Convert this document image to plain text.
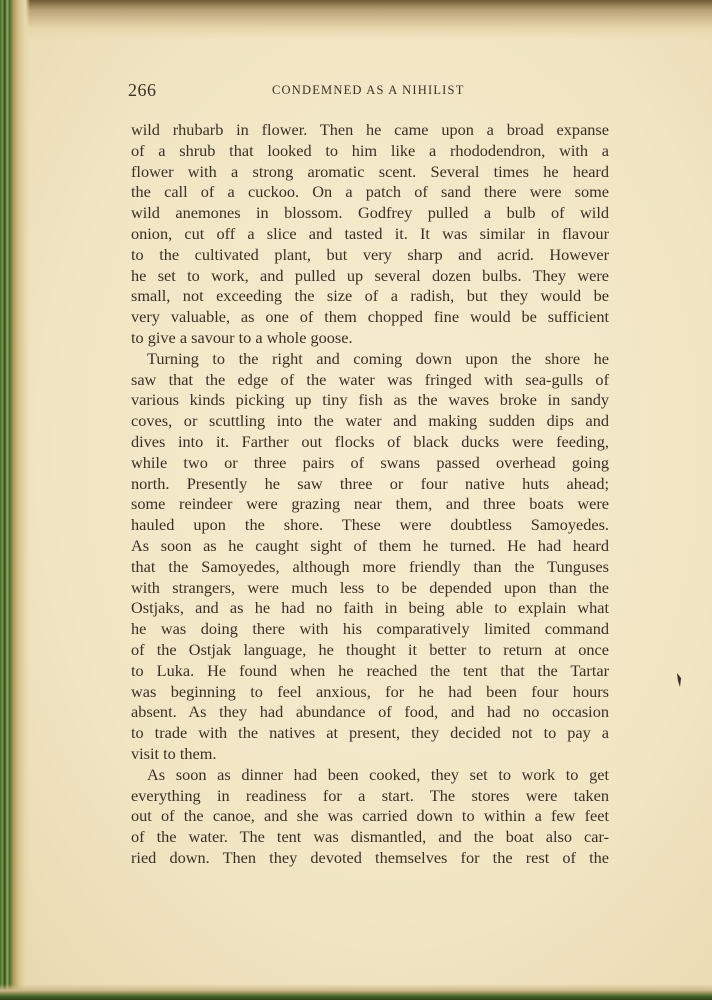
266	CONDEMNED AS A NIHILIST
wild rhubarb in flower. Then he came upon a broad expanse
of a shrub that looked to him like a rhododendron, with a
flower with a strong aromatic scent. Several times he heard
the call of a cuckoo. On a patch of sand there were some
wild anemones in blossom. Godfrey pulled a bulb of wild
onion, cut off a slice and tasted it. It was similar in flavour
to the cultivated plant, but very sharp and acrid. However
he set to work, and pulled up several dozen bulbs. They were
small, not exceeding the size of a radish, but they would be
very valuable, as one of them chopped fine would be sufficient
to give a savour to a whole goose.
Turning to the right and coming down upon the shore he
saw that the edge of the water was fringed with sea-gulls of
various kinds picking up tiny fish as the waves broke in sandy
coves, or scuttling into the water and making sudden dips and
dives into it. Farther out flocks of black ducks were feeding,
while two or three pairs of swans passed overhead going
north. Presently he saw three or four native huts ahead;
some reindeer were grazing near them, and three boats were
hauled upon the shore. These were doubtless Samoyedes.
As soon as he caught sight of them he turned. He had heard
that the Samoyedes, although more friendly than the Tunguses
with strangers, were much less to be depended upon than the
Ostjaks, and as he had no faith in being able to explain what
he was doing there with his comparatively limited command
of the Ostjak language, he thought it better to return at once
to Luka. He found when he reached the tent that the Tartar
was beginning to feel anxious, for he had been four hours
absent. As they had abundance of food, and had no occasion
to trade with the natives at present, they decided not to pay a
visit to them.
As soon as dinner had been cooked, they set to work to get
everything in readiness for a start. The stores were taken
out of the canoe, and she was carried down to within a few feet
of the water. The tent was dismantled, and the boat also car-
ried down. Then they devoted themselves for the rest of the
